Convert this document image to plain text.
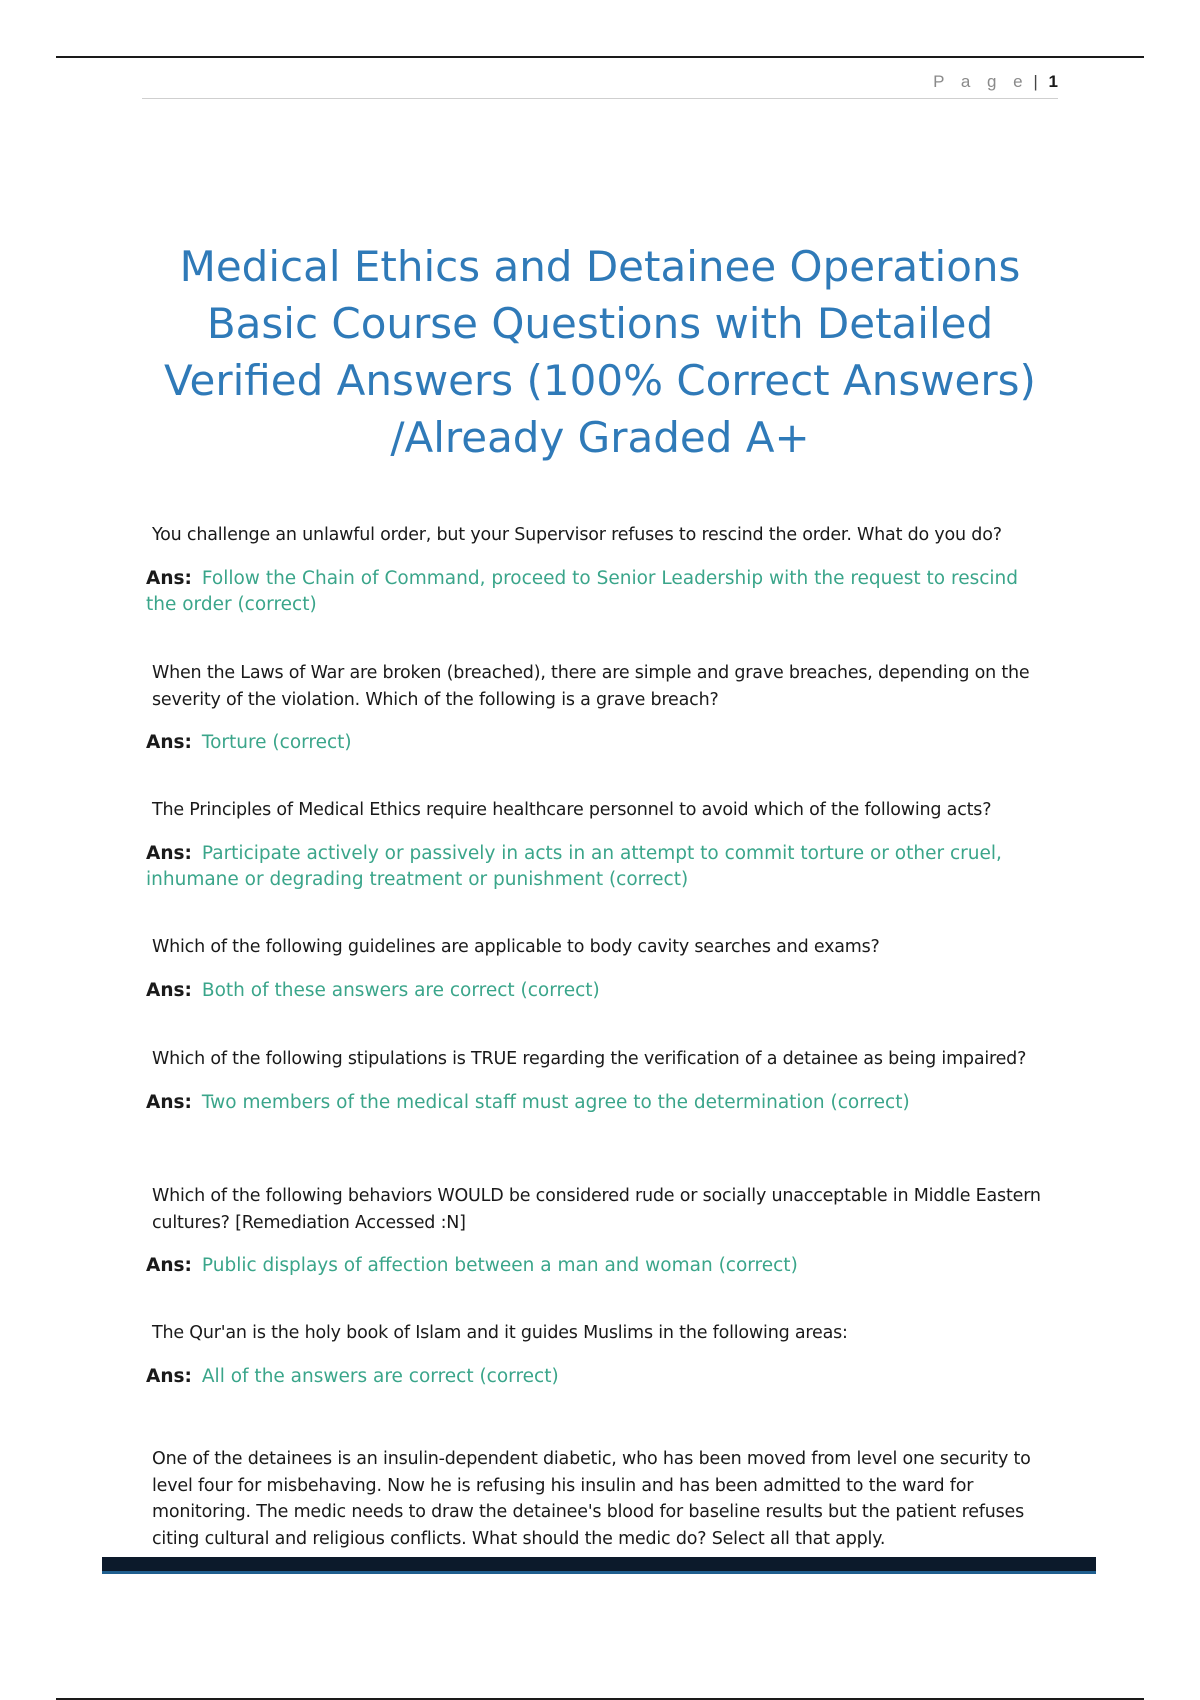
P a g e | 1
Medical Ethics and Detainee Operations
Basic Course Questions with Detailed
Verified Answers (100% Correct Answers)
/Already Graded A+

You challenge an unlawful order, but your Supervisor refuses to rescind the order. What do you do?

Ans: Follow the Chain of Command, proceed to Senior Leadership with the request to rescind the order (correct)

When the Laws of War are broken (breached), there are simple and grave breaches, depending on the severity of the violation. Which of the following is a grave breach?

Ans: Torture (correct)

The Principles of Medical Ethics require healthcare personnel to avoid which of the following acts?

Ans: Participate actively or passively in acts in an attempt to commit torture or other cruel, inhumane or degrading treatment or punishment (correct)

Which of the following guidelines are applicable to body cavity searches and exams?

Ans: Both of these answers are correct (correct)

Which of the following stipulations is TRUE regarding the verification of a detainee as being impaired?

Ans: Two members of the medical staff must agree to the determination (correct)

Which of the following behaviors WOULD be considered rude or socially unacceptable in Middle Eastern cultures? [Remediation Accessed :N]

Ans: Public displays of affection between a man and woman (correct)

The Qur'an is the holy book of Islam and it guides Muslims in the following areas:

Ans: All of the answers are correct (correct)

One of the detainees is an insulin-dependent diabetic, who has been moved from level one security to level four for misbehaving. Now he is refusing his insulin and has been admitted to the ward for monitoring. The medic needs to draw the detainee's blood for baseline results but the patient refuses citing cultural and religious conflicts. What should the medic do? Select all that apply.
